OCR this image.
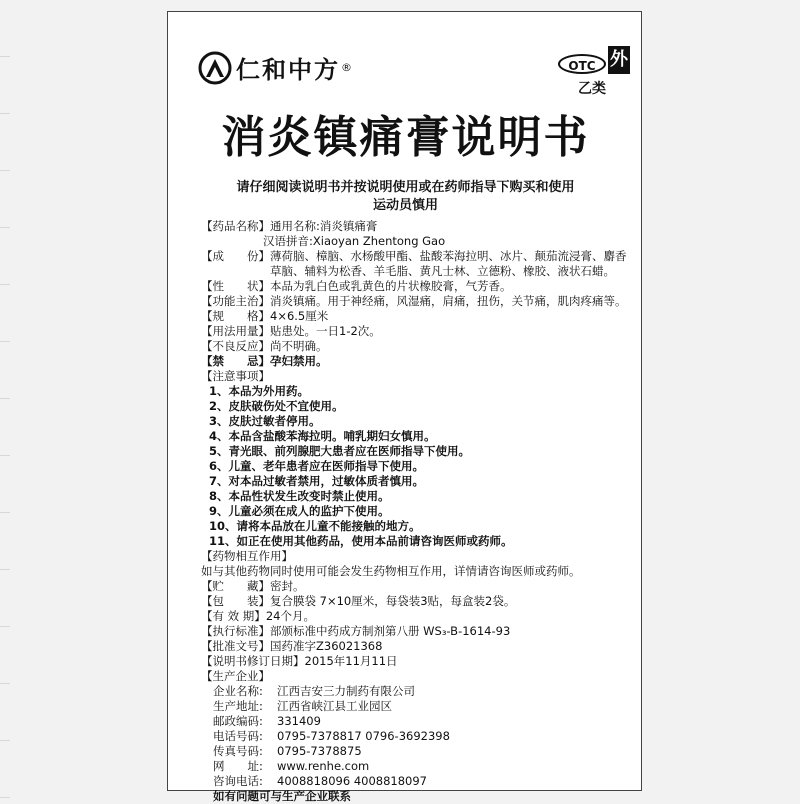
仁和中方 ®	OTC 外
乙类
消炎镇痛膏说明书
请仔细阅读说明书并按说明使用或在药师指导下购买和使用
运动员慎用
【药品名称】 通用名称:消炎镇痛膏
汉语拼音:Xiaoyan Zhentong Gao
【成　　份】 薄荷脑、樟脑、水杨酸甲酯、盐酸苯海拉明、冰片、颠茄流浸膏、麝香草脑、辅料为松香、羊毛脂、黄凡士林、立德粉、橡胶、液状石蜡。
【性　　状】 本品为乳白色或乳黄色的片状橡胶膏，气芳香。
【功能主治】 消炎镇痛。用于神经痛，风湿痛，肩痛，扭伤，关节痛，肌肉疼痛等。
【规　　格】 4×6.5厘米
【用法用量】 贴患处。一日1-2次。
【不良反应】 尚不明确。
【禁　　忌】 孕妇禁用。
【注意事项】
1、本品为外用药。
2、皮肤破伤处不宜使用。
3、皮肤过敏者停用。
4、本品含盐酸苯海拉明。哺乳期妇女慎用。
5、青光眼、前列腺肥大患者应在医师指导下使用。
6、儿童、老年患者应在医师指导下使用。
7、对本品过敏者禁用，过敏体质者慎用。
8、本品性状发生改变时禁止使用。
9、儿童必须在成人的监护下使用。
10、请将本品放在儿童不能接触的地方。
11、如正在使用其他药品，使用本品前请咨询医师或药师。
【药物相互作用】
如与其他药物同时使用可能会发生药物相互作用，详情请咨询医师或药师。
【贮　　藏】 密封。
【包　　装】 复合膜袋 7×10厘米，每袋装3贴，每盒装2袋。
【有 效 期】 24个月。
【执行标准】 部颁标准中药成方制剂第八册 WS₃-B-1614-93
【批准文号】 国药准字Z36021368
【说明书修订日期】 2015年11月11日
【生产企业】
企业名称: 江西吉安三力制药有限公司
生产地址: 江西省峡江县工业园区
邮政编码: 331409
电话号码: 0795-7378817 0796-3692398
传真号码: 0795-7378875
网　　址: www.renhe.com
咨询电话: 4008818096 4008818097
如有问题可与生产企业联系
